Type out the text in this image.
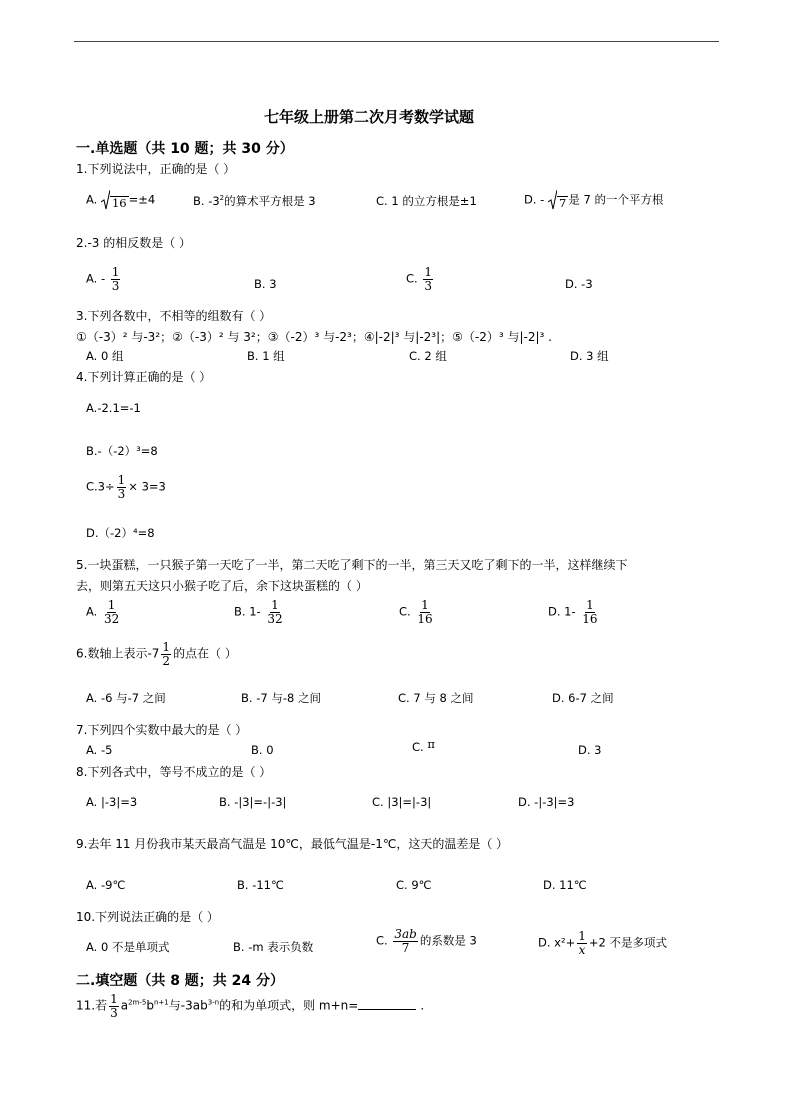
七年级上册第二次月考数学试题
一.单选题（共 10 题；共 30 分）
1.下列说法中，正确的是（ ）
A. 16 =±4	B. $-3^2$的算术平方根是 3	C. 1 的立方根是±1	D. - 7 是 7 的一个平方根
2.-3 的相反数是（ ）
A. - $\frac{1}{3}$	B. 3	C. $\frac{1}{3}$	D. -3
3.下列各数中，不相等的组数有（ ）
①（-3）² 与-3²；②（-3）² 与 3²；③（-2）³ 与-2³；④|-2|³ 与|-2³|；⑤（-2）³ 与|-2|³ .
A. 0 组	B. 1 组	C. 2 组	D. 3 组
4.下列计算正确的是（ ）
A.-2.1=-1
B.-（-2）³=8
$C.3\div \frac{1}{3} \times 3=3$
D.（-2）⁴=8
5.一块蛋糕，一只猴子第一天吃了一半，第二天吃了剩下的一半，第三天又吃了剩下的一半，这样继续下
去，则第五天这只小猴子吃了后，余下这块蛋糕的（ ）
A. $\frac{1}{32}$	B. $1- \frac{1}{32}$	C. $\frac{1}{16}$	D. $1- \frac{1}{16}$
6.数轴上表示$-7 \frac{1}{2}$ 的点在（ ）
A. -6 与-7 之间	B. -7 与-8 之间	C. 7 与 8 之间	D. 6-7 之间
7.下列四个实数中最大的是（ ）
A. -5	B. 0	C. π	D. 3
8.下列各式中，等号不成立的是（ ）
A. |-3|=3	B. -|3|=-|-3|	C. |3|=|-3|	D. -|-3|=3
9.去年 11 月份我市某天最高气温是 10℃，最低气温是-1℃，这天的温差是（ ）
A. -9℃	B. -11℃	C. 9℃	D. 11℃
10.下列说法正确的是（ ）
A. 0 不是单项式	B. -m 表示负数	C. $\frac{3ab}{7}$ 的系数是 3	D. $x^2+ \frac{1}{x} +2$ 不是多项式
二.填空题（共 8 题；共 24 分）
11.若 $\frac{1}{3} a^{2m-5}b^{n+1}$与$-3ab^{3-n}$的和为单项式，则 m+n=	.
